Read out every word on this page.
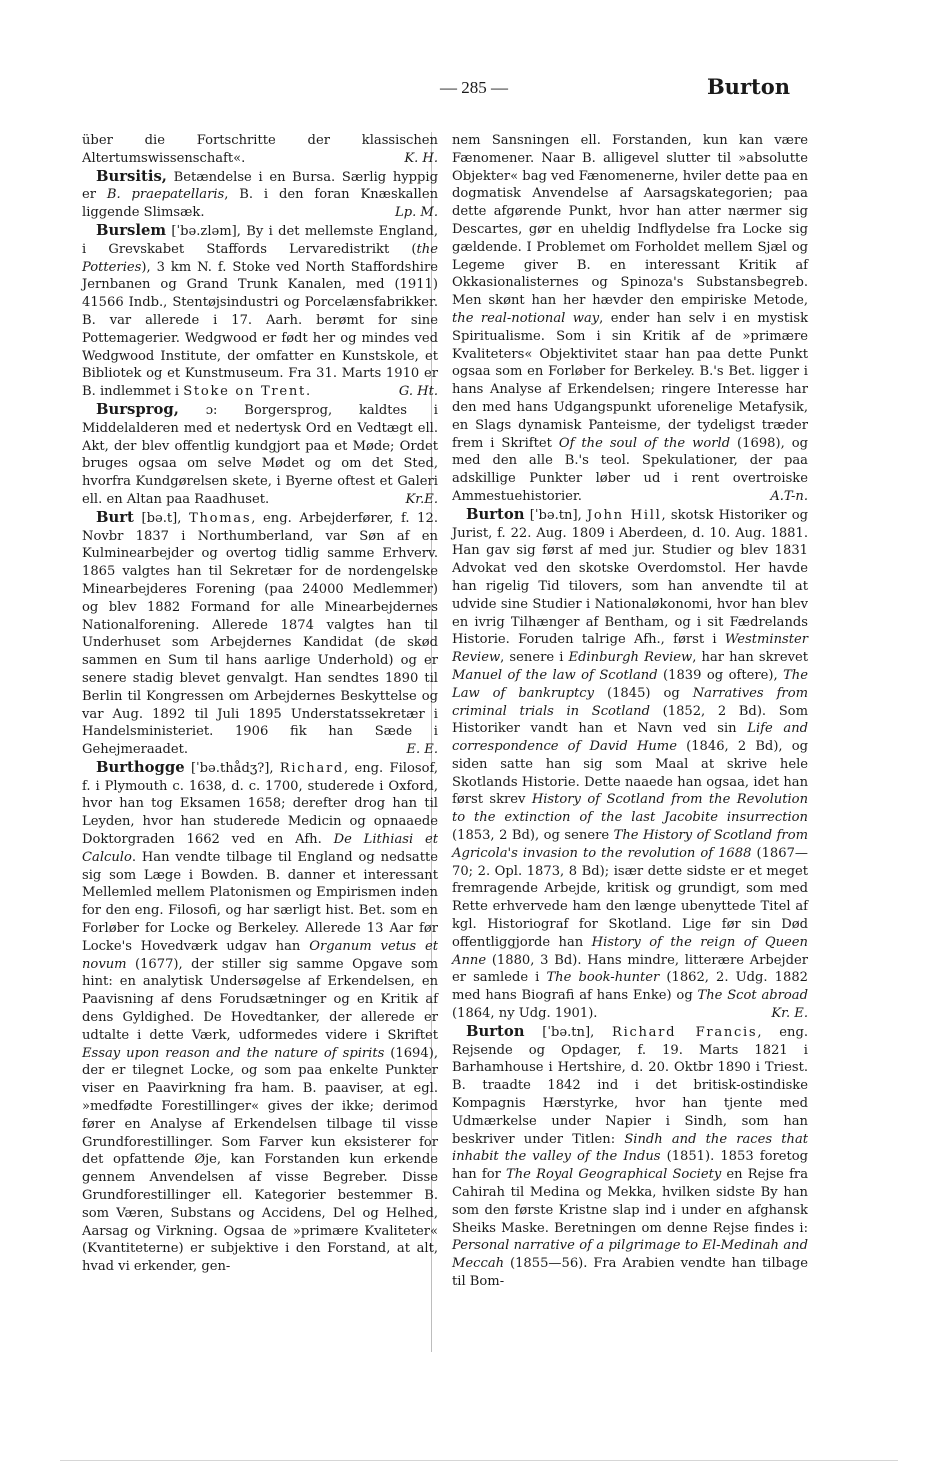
— 285 —	Burton

über die Fortschritte der klassischen Altertumswissenschaft«.	K. H.

Bursitis, Betændelse i en Bursa. Særlig hyppig er B. praepatellaris, B. i den foran Knæskallen liggende Slimsæk.	Lp. M.

Burslem [ˈbə.zləm], By i det mellemste England, i Grevskabet Staffords Lervaredistrikt (the Potteries), 3 km N. f. Stoke ved North Staffordshire Jernbanen og Grand Trunk Kanalen, med (1911) 41566 Indb., Stentøjsindustri og Porcelænsfabrikker. B. var allerede i 17. Aarh. berømt for sine Pottemagerier. Wedgwood er født her og mindes ved Wedgwood Institute, der omfatter en Kunstskole, et Bibliotek og et Kunstmuseum. Fra 31. Marts 1910 er B. indlemmet i Stoke on Trent.	G. Ht.

Bursprog, ɔ: Borgersprog, kaldtes i Middelalderen med et nedertysk Ord en Vedtægt ell. Akt, der blev offentlig kundgjort paa et Møde; Ordet bruges ogsaa om selve Mødet og om det Sted, hvorfra Kundgørelsen skete, i Byerne oftest et Galeri ell. en Altan paa Raadhuset.	Kr.E.

Burt [bə.t], Thomas, eng. Arbejderfører, f. 12. Novbr 1837 i Northumberland, var Søn af en Kulminearbejder og overtog tidlig samme Erhverv. 1865 valgtes han til Sekretær for de nordengelske Minearbejderes Forening (paa 24000 Medlemmer) og blev 1882 Formand for alle Minearbejdernes Nationalforening. Allerede 1874 valgtes han til Underhuset som Arbejdernes Kandidat (de skød sammen en Sum til hans aarlige Underhold) og er senere stadig blevet genvalgt. Han sendtes 1890 til Berlin til Kongressen om Arbejdernes Beskyttelse og var Aug. 1892 til Juli 1895 Understatssekretær i Handelsministeriet. 1906 fik han Sæde i Gehejmeraadet.	E. E.

Burthogge [ˈbə.thådʒ?], Richard, eng. Filosof, f. i Plymouth c. 1638, d. c. 1700, studerede i Oxford, hvor han tog Eksamen 1658; derefter drog han til Leyden, hvor han studerede Medicin og opnaaede Doktorgraden 1662 ved en Afh. De Lithiasi et Calculo. Han vendte tilbage til England og nedsatte sig som Læge i Bowden. B. danner et interessant Mellemled mellem Platonismen og Empirismen inden for den eng. Filosofi, og har særligt hist. Bet. som en Forløber for Locke og Berkeley. Allerede 13 Aar før Locke's Hovedværk udgav han Organum vetus et novum (1677), der stiller sig samme Opgave som hint: en analytisk Undersøgelse af Erkendelsen, en Paavisning af dens Forudsætninger og en Kritik af dens Gyldighed. De Hovedtanker, der allerede er udtalte i dette Værk, udformedes videre i Skriftet Essay upon reason and the nature of spirits (1694), der er tilegnet Locke, og som paa enkelte Punkter viser en Paavirkning fra ham. B. paaviser, at egl. »medfødte Forestillinger« gives der ikke; derimod fører en Analyse af Erkendelsen tilbage til visse Grundforestillinger. Som Farver kun eksisterer for det opfattende Øje, kan Forstanden kun erkende gennem Anvendelsen af visse Begreber. Disse Grundforestillinger ell. Kategorier bestemmer B. som Væren, Substans og Accidens, Del og Helhed, Aarsag og Virkning. Ogsaa de »primære Kvaliteter« (Kvantiteterne) er subjektive i den Forstand, at alt, hvad vi erkender, gen-

nem Sansningen ell. Forstanden, kun kan være Fænomener. Naar B. alligevel slutter til »absolutte Objekter« bag ved Fænomenerne, hviler dette paa en dogmatisk Anvendelse af Aarsagskategorien; paa dette afgørende Punkt, hvor han atter nærmer sig Descartes, gør en uheldig Indflydelse fra Locke sig gældende. I Problemet om Forholdet mellem Sjæl og Legeme giver B. en interessant Kritik af Okkasionalisternes og Spinoza's Substansbegreb. Men skønt han her hævder den empiriske Metode, the real-notional way, ender han selv i en mystisk Spiritualisme. Som i sin Kritik af de »primære Kvaliteters« Objektivitet staar han paa dette Punkt ogsaa som en Forløber for Berkeley. B.'s Bet. ligger i hans Analyse af Erkendelsen; ringere Interesse har den med hans Udgangspunkt uforenelige Metafysik, en Slags dynamisk Panteisme, der tydeligst træder frem i Skriftet Of the soul of the world (1698), og med den alle B.'s teol. Spekulationer, der paa adskillige Punkter løber ud i rent overtroiske Ammestuehistorier.	A.T-n.

Burton [ˈbə.tn], John Hill, skotsk Historiker og Jurist, f. 22. Aug. 1809 i Aberdeen, d. 10. Aug. 1881. Han gav sig først af med jur. Studier og blev 1831 Advokat ved den skotske Overdomstol. Her havde han rigelig Tid tilovers, som han anvendte til at udvide sine Studier i Nationaløkonomi, hvor han blev en ivrig Tilhænger af Bentham, og i sit Fædrelands Historie. Foruden talrige Afh., først i Westminster Review, senere i Edinburgh Review, har han skrevet Manuel of the law of Scotland (1839 og oftere), The Law of bankruptcy (1845) og Narratives from criminal trials in Scotland (1852, 2 Bd). Som Historiker vandt han et Navn ved sin Life and correspondence of David Hume (1846, 2 Bd), og siden satte han sig som Maal at skrive hele Skotlands Historie. Dette naaede han ogsaa, idet han først skrev History of Scotland from the Revolution to the extinction of the last Jacobite insurrection (1853, 2 Bd), og senere The History of Scotland from Agricola's invasion to the revolution of 1688 (1867—70; 2. Opl. 1873, 8 Bd); især dette sidste er et meget fremragende Arbejde, kritisk og grundigt, som med Rette erhvervede ham den længe ubenyttede Titel af kgl. Historiograf for Skotland. Lige før sin Død offentliggjorde han History of the reign of Queen Anne (1880, 3 Bd). Hans mindre, litterære Arbejder er samlede i The book-hunter (1862, 2. Udg. 1882 med hans Biografi af hans Enke) og The Scot abroad (1864, ny Udg. 1901).	Kr. E.

Burton [ˈbə.tn], Richard Francis, eng. Rejsende og Opdager, f. 19. Marts 1821 i Barhamhouse i Hertshire, d. 20. Oktbr 1890 i Triest. B. traadte 1842 ind i det britisk-ostindiske Kompagnis Hærstyrke, hvor han tjente med Udmærkelse under Napier i Sindh, som han beskriver under Titlen: Sindh and the races that inhabit the valley of the Indus (1851). 1853 foretog han for The Royal Geographical Society en Rejse fra Cahirah til Medina og Mekka, hvilken sidste By han som den første Kristne slap ind i under en afghansk Sheiks Maske. Beretningen om denne Rejse findes i: Personal narrative of a pilgrimage to El-Medinah and Meccah (1855—56). Fra Arabien vendte han tilbage til Bom-
